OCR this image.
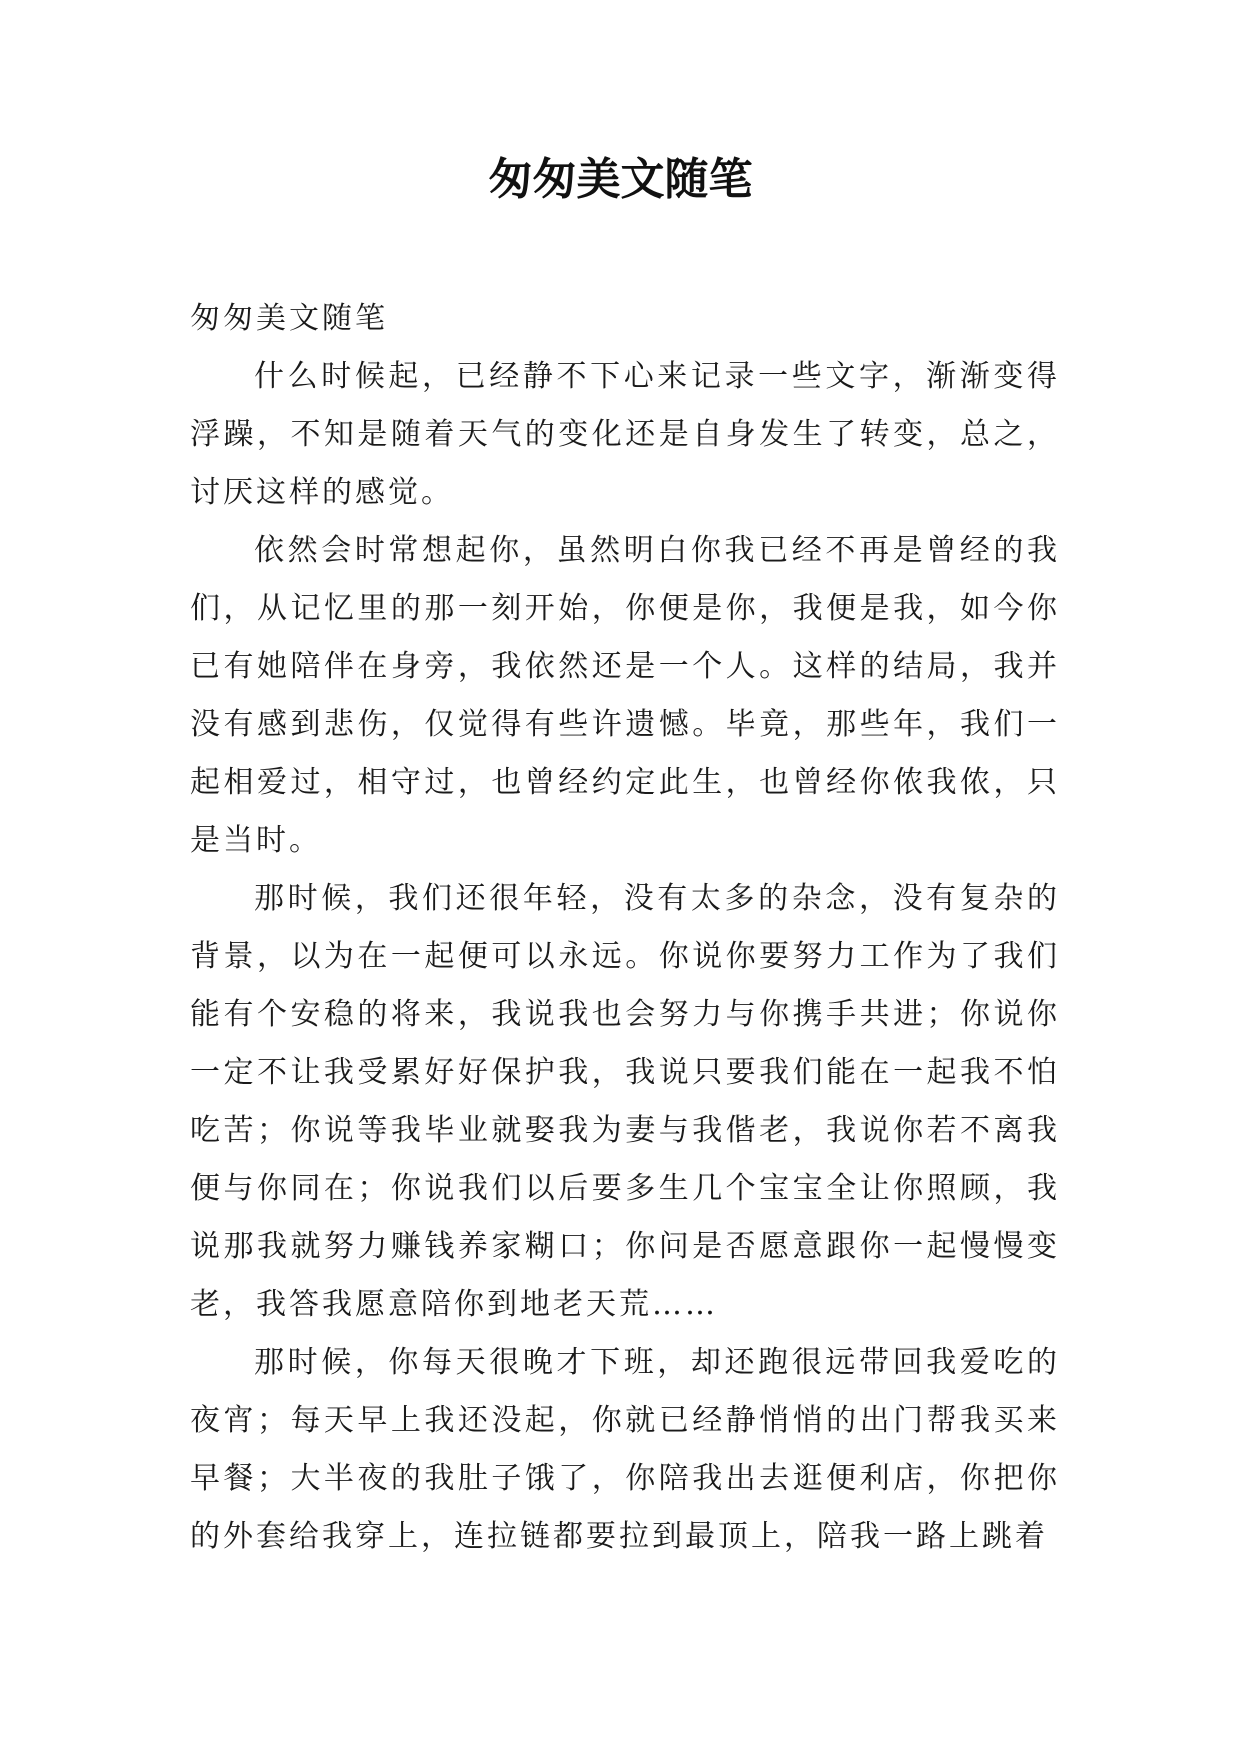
匆匆美文随笔

匆匆美文随笔

什么时候起，已经静不下心来记录一些文字，渐渐变得浮躁，不知是随着天气的变化还是自身发生了转变，总之，讨厌这样的感觉。

依然会时常想起你，虽然明白你我已经不再是曾经的我们，从记忆里的那一刻开始，你便是你，我便是我，如今你已有她陪伴在身旁，我依然还是一个人。这样的结局，我并没有感到悲伤，仅觉得有些许遗憾。毕竟，那些年，我们一起相爱过，相守过，也曾经约定此生，也曾经你侬我侬，只是当时。

那时候，我们还很年轻，没有太多的杂念，没有复杂的背景，以为在一起便可以永远。你说你要努力工作为了我们能有个安稳的将来，我说我也会努力与你携手共进；你说你一定不让我受累好好保护我，我说只要我们能在一起我不怕吃苦；你说等我毕业就娶我为妻与我偕老，我说你若不离我便与你同在；你说我们以后要多生几个宝宝全让你照顾，我说那我就努力赚钱养家糊口；你问是否愿意跟你一起慢慢变老，我答我愿意陪你到地老天荒……

那时候，你每天很晚才下班，却还跑很远带回我爱吃的夜宵；每天早上我还没起，你就已经静悄悄的出门帮我买来早餐；大半夜的我肚子饿了，你陪我出去逛便利店，你把你的外套给我穿上，连拉链都要拉到最顶上，陪我一路上跳着
